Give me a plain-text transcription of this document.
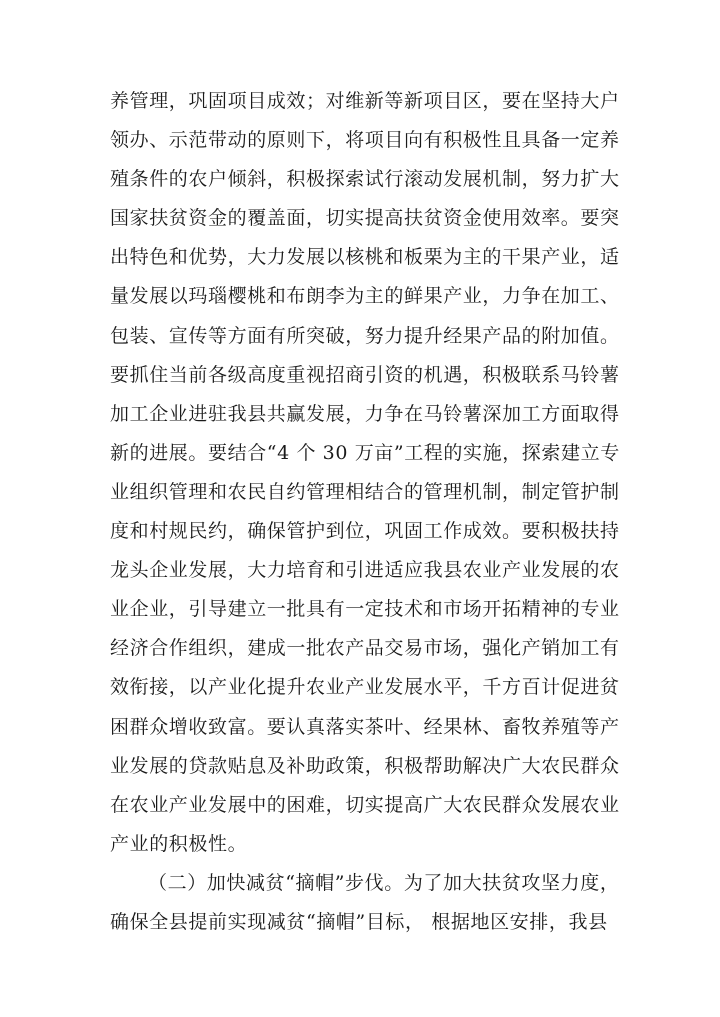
养管理，巩固项目成效；对维新等新项目区，要在坚持大户
领办、示范带动的原则下，将项目向有积极性且具备一定养
殖条件的农户倾斜，积极探索试行滚动发展机制，努力扩大
国家扶贫资金的覆盖面，切实提高扶贫资金使用效率。要突
出特色和优势，大力发展以核桃和板栗为主的干果产业，适
量发展以玛瑙樱桃和布朗李为主的鲜果产业，力争在加工、
包装、宣传等方面有所突破，努力提升经果产品的附加值。
要抓住当前各级高度重视招商引资的机遇，积极联系马铃薯
加工企业进驻我县共赢发展，力争在马铃薯深加工方面取得
新的进展。要结合“4 个 30 万亩”工程的实施，探索建立专
业组织管理和农民自约管理相结合的管理机制，制定管护制
度和村规民约，确保管护到位，巩固工作成效。要积极扶持
龙头企业发展，大力培育和引进适应我县农业产业发展的农
业企业，引导建立一批具有一定技术和市场开拓精神的专业
经济合作组织，建成一批农产品交易市场，强化产销加工有
效衔接，以产业化提升农业产业发展水平，千方百计促进贫
困群众增收致富。要认真落实茶叶、经果林、畜牧养殖等产
业发展的贷款贴息及补助政策，积极帮助解决广大农民群众
在农业产业发展中的困难，切实提高广大农民群众发展农业
产业的积极性。
（二）加快减贫“摘帽”步伐。为了加大扶贫攻坚力度，
确保全县提前实现减贫“摘帽”目标， 根据地区安排，我县
